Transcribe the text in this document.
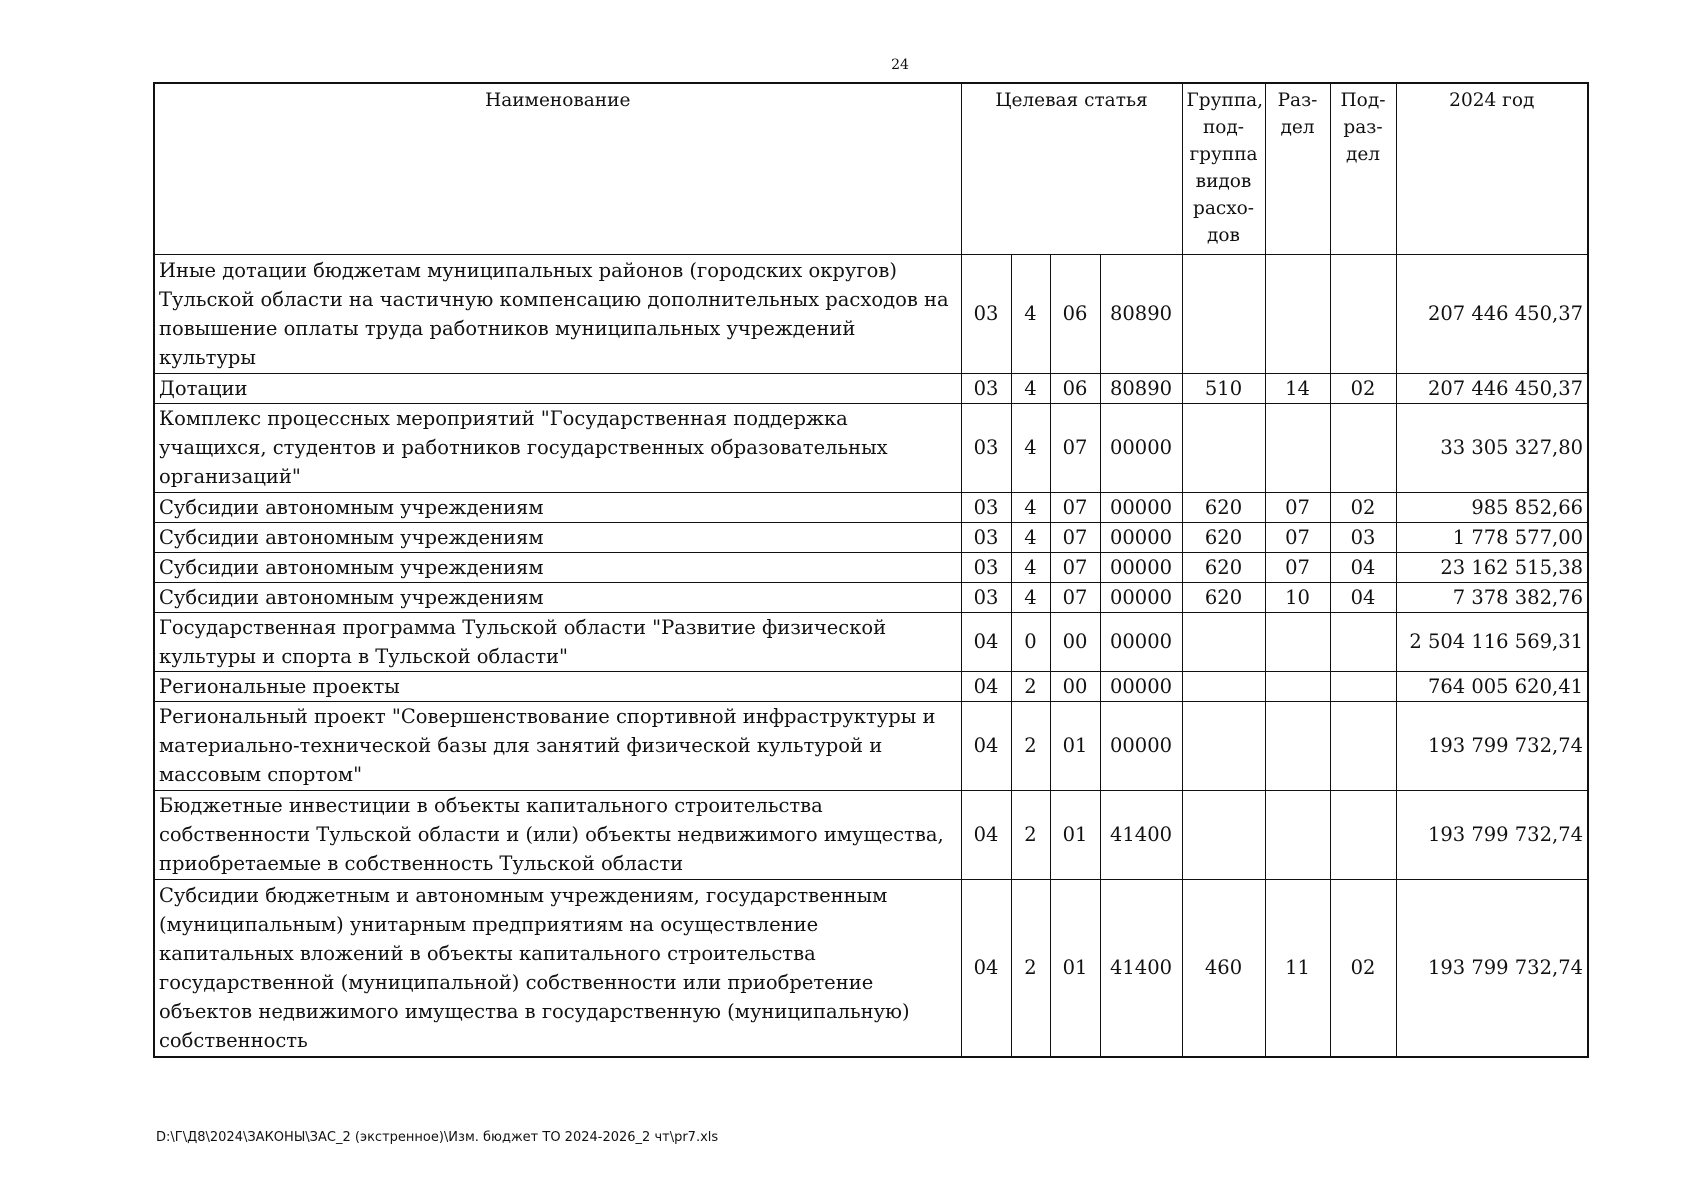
24
Наименование	Целевая статья				Группа, под-группа видов расхо-дов	Раз-дел	Под-раз-дел	2024 год
Иные дотации бюджетам муниципальных районов (городских округов) Тульской области на частичную компенсацию дополнительных расходов на повышение оплаты труда работников муниципальных учреждений культуры	03	4	06	80890				207 446 450,37
Дотации	03	4	06	80890	510	14	02	207 446 450,37
Комплекс процессных мероприятий "Государственная поддержка учащихся, студентов и работников государственных образовательных организаций"	03	4	07	00000				33 305 327,80
Субсидии автономным учреждениям	03	4	07	00000	620	07	02	985 852,66
Субсидии автономным учреждениям	03	4	07	00000	620	07	03	1 778 577,00
Субсидии автономным учреждениям	03	4	07	00000	620	07	04	23 162 515,38
Субсидии автономным учреждениям	03	4	07	00000	620	10	04	7 378 382,76
Государственная программа Тульской области "Развитие физической культуры и спорта в Тульской области"	04	0	00	00000				2 504 116 569,31
Региональные проекты	04	2	00	00000				764 005 620,41
Региональный проект "Совершенствование спортивной инфраструктуры и материально-технической базы для занятий физической культурой и массовым спортом"	04	2	01	00000				193 799 732,74
Бюджетные инвестиции в объекты капитального строительства собственности Тульской области и (или) объекты недвижимого имущества, приобретаемые в собственность Тульской области	04	2	01	41400				193 799 732,74
Субсидии бюджетным и автономным учреждениям, государственным (муниципальным) унитарным предприятиям на осуществление капитальных вложений в объекты капитального строительства государственной (муниципальной) собственности или приобретение объектов недвижимого имущества в государственную (муниципальную) собственность	04	2	01	41400	460	11	02	193 799 732,74
D:\Г\Д8\2024\ЗАКОНЫ\ЗАС_2 (экстренное)\Изм. бюджет ТО 2024-2026_2 чт\pr7.xls
